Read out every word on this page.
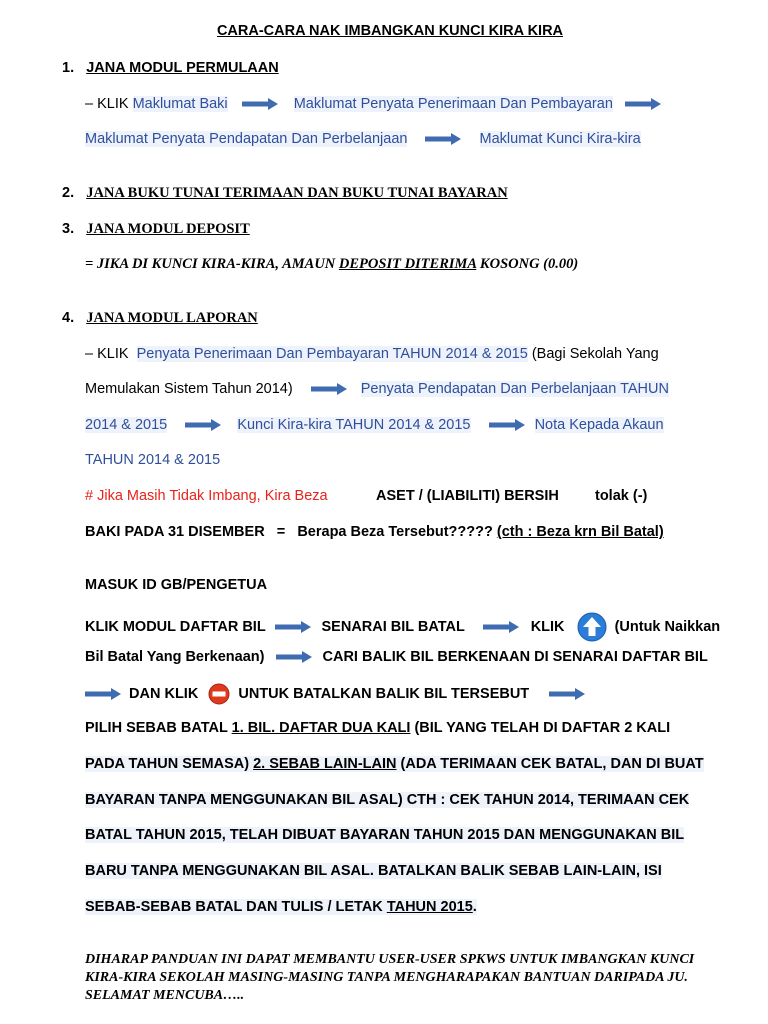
CARA-CARA NAK IMBANGKAN KUNCI KIRA KIRA
1. JANA MODUL PERMULAAN
– KLIK Maklumat Baki	Maklumat Penyata Penerimaan Dan Pembayaran
Maklumat Penyata Pendapatan Dan Perbelanjaan	Maklumat Kunci Kira-kira
2. JANA BUKU TUNAI TERIMAAN DAN BUKU TUNAI BAYARAN
3. JANA MODUL DEPOSIT
= JIKA DI KUNCI KIRA-KIRA, AMAUN DEPOSIT DITERIMA KOSONG (0.00)
4. JANA MODUL LAPORAN
– KLIK Penyata Penerimaan Dan Pembayaran TAHUN 2014 & 2015 (Bagi Sekolah Yang
Memulakan Sistem Tahun 2014)	Penyata Pendapatan Dan Perbelanjaan TAHUN
2014 & 2015	Kunci Kira-kira TAHUN 2014 & 2015	Nota Kepada Akaun
TAHUN 2014 & 2015
# Jika Masih Tidak Imbang, Kira Beza	ASET / (LIABILITI) BERSIH tolak (-)
BAKI PADA 31 DISEMBER = Berapa Beza Tersebut????? (cth : Beza krn Bil Batal)
MASUK ID GB/PENGETUA
KLIK MODUL DAFTAR BIL	SENARAI BIL BATAL	KLIK	(Untuk Naikkan
Bil Batal Yang Berkenaan)	CARI BALIK BIL BERKENAAN DI SENARAI DAFTAR BIL
DAN KLIK	UNTUK BATALKAN BALIK BIL TERSEBUT
PILIH SEBAB BATAL 1. BIL. DAFTAR DUA KALI (BIL YANG TELAH DI DAFTAR 2 KALI
PADA TAHUN SEMASA) 2. SEBAB LAIN-LAIN (ADA TERIMAAN CEK BATAL, DAN DI BUAT
BAYARAN TANPA MENGGUNAKAN BIL ASAL) CTH : CEK TAHUN 2014, TERIMAAN CEK
BATAL TAHUN 2015, TELAH DIBUAT BAYARAN TAHUN 2015 DAN MENGGUNAKAN BIL
BARU TANPA MENGGUNAKAN BIL ASAL. BATALKAN BALIK SEBAB LAIN-LAIN, ISI
SEBAB-SEBAB BATAL DAN TULIS / LETAK TAHUN 2015.
DIHARAP PANDUAN INI DAPAT MEMBANTU USER-USER SPKWS UNTUK IMBANGKAN KUNCI KIRA-KIRA SEKOLAH MASING-MASING TANPA MENGHARAPAKAN BANTUAN DARIPADA JU. SELAMAT MENCUBA…..
